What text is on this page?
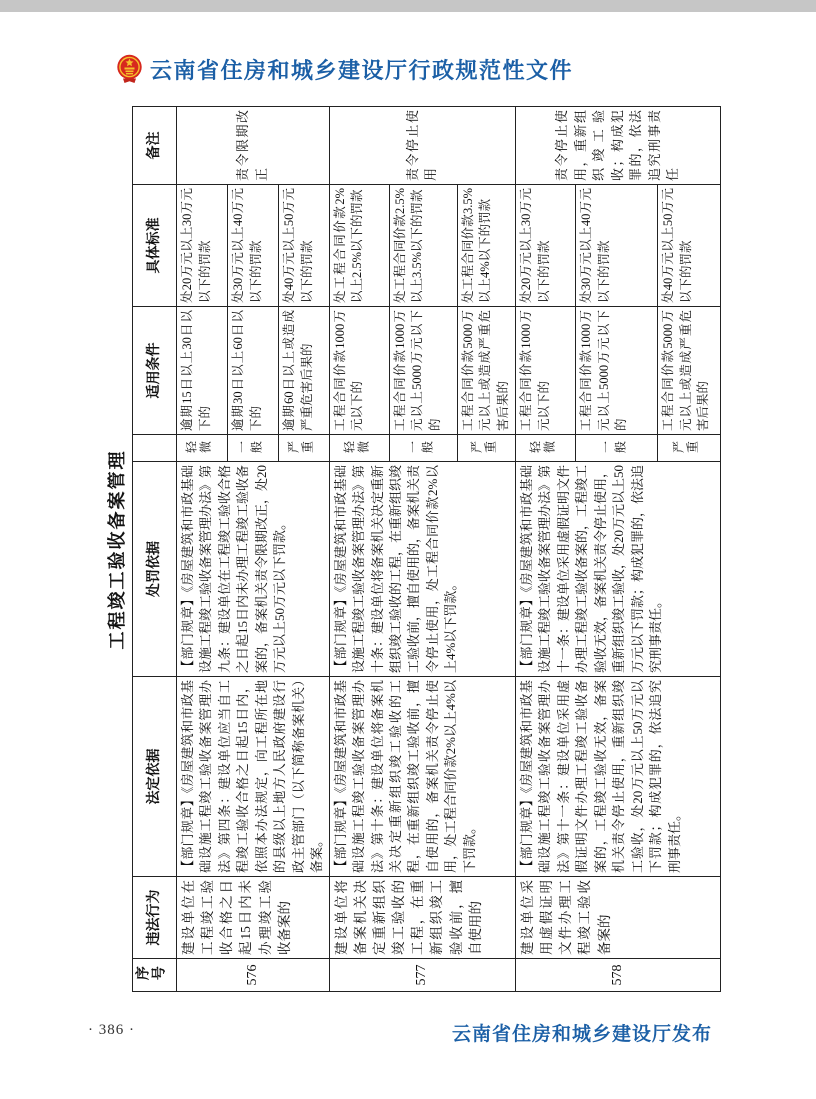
云南省住房和城乡建设厅行政规范性文件
工程竣工验收备案管理
序号	违法行为	法定依据	处罚依据		适用条件	具体标准	备注
576	建设单位在工程竣工验收合格之日起15日内未办理竣工验收备案的	【部门规章】《房屋建筑和市政基础设施工程竣工验收备案管理办法》第四条：建设单位应当自工程竣工验收合格之日起15日内，依照本办法规定，向工程所在地的县级以上地方人民政府建设行政主管部门（以下简称备案机关）备案。	【部门规章】《房屋建筑和市政基础设施工程竣工验收备案管理办法》第九条：建设单位在工程竣工验收合格之日起15日内未办理工程竣工验收备案的，备案机关责令限期改正，处20万元以上50万元以下罚款。	轻微	逾期15日以上30日以下的	处20万元以上30万元以下的罚款	责令限期改正
				一般	逾期30日以上60日以下的	处30万元以上40万元以下的罚款	
				严重	逾期60日以上或造成严重危害后果的	处40万元以上50万元以下的罚款	
577	建设单位将备案机关决定重新组织竣工验收的工程，在重新组织竣工验收前，擅自使用的	【部门规章】《房屋建筑和市政基础设施工程竣工验收备案管理办法》第十条：建设单位将备案机关决定重新组织竣工验收的工程，在重新组织竣工验收前，擅自使用的，备案机关责令停止使用，处工程合同价款2%以上4%以下罚款。	【部门规章】《房屋建筑和市政基础设施工程竣工验收备案管理办法》第十条：建设单位将备案机关决定重新组织竣工验收的工程，在重新组织竣工验收前，擅自使用的，备案机关责令停止使用，处工程合同价款2%以上4%以下罚款。	轻微	工程合同价款1000万元以下的	处工程合同价款2%以上2.5%以下的罚款	责令停止使用
				一般	工程合同价款1000万元以上5000万元以下的	处工程合同价款2.5%以上3.5%以下的罚款	
				严重	工程合同价款5000万元以上或造成严重危害后果的	处工程合同价款3.5%以上4%以下的罚款	
578	建设单位采用虚假证明文件办理工程竣工验收备案的	【部门规章】《房屋建筑和市政基础设施工程竣工验收备案管理办法》第十一条：建设单位采用虚假证明文件办理工程竣工验收备案的，工程竣工验收无效，备案机关责令停止使用，重新组织竣工验收，处20万元以上50万元以下罚款；构成犯罪的，依法追究刑事责任。	【部门规章】《房屋建筑和市政基础设施工程竣工验收备案管理办法》第十一条：建设单位采用虚假证明文件办理工程竣工验收备案的，工程竣工验收无效，备案机关责令停止使用，重新组织竣工验收，处20万元以上50万元以下罚款；构成犯罪的，依法追究刑事责任。	轻微	工程合同价款1000万元以下的	处20万元以上30万元以下的罚款	责令停止使用，重新组织竣工验收；构成犯罪的，依法追究刑事责任
				一般	工程合同价款1000万元以上5000万元以下的	处30万元以上40万元以下的罚款	
				严重	工程合同价款5000万元以上或造成严重危害后果的	处40万元以上50万元以下的罚款	
· 386 ·	云南省住房和城乡建设厅发布
